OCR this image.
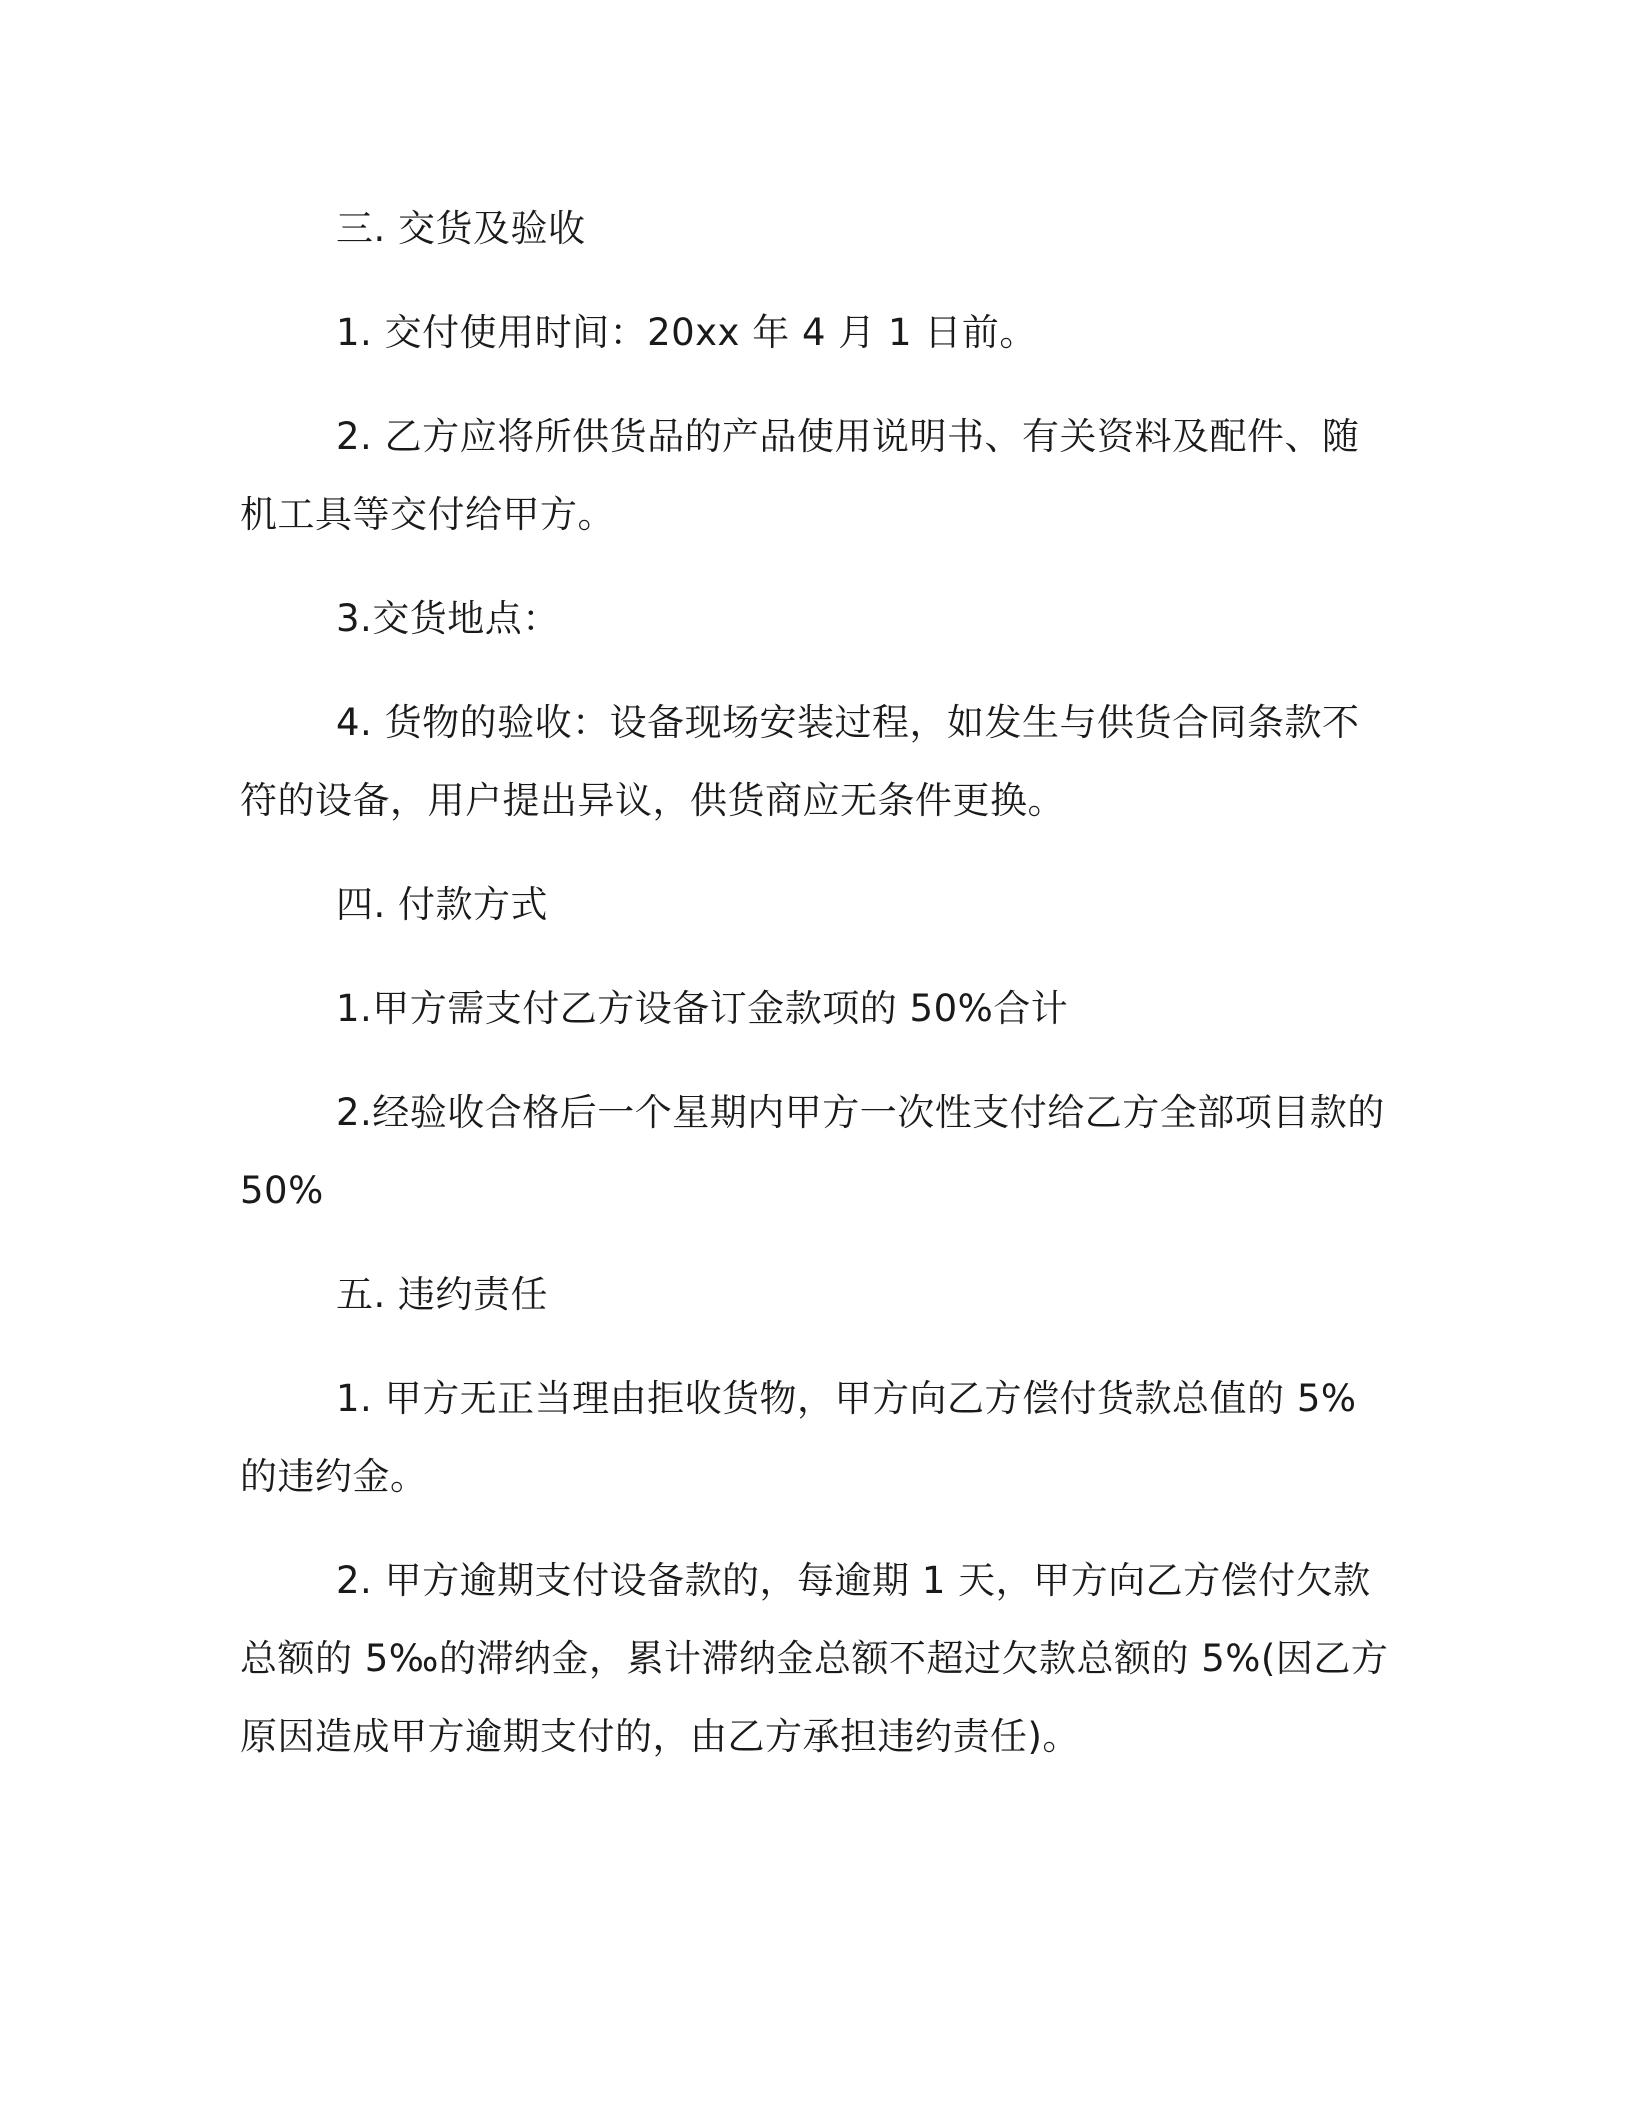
三. 交货及验收

1. 交付使用时间：20xx 年 4 月 1 日前。

2. 乙方应将所供货品的产品使用说明书、有关资料及配件、随机工具等交付给甲方。

3.交货地点：

4. 货物的验收：设备现场安装过程，如发生与供货合同条款不符的设备，用户提出异议，供货商应无条件更换。

四. 付款方式

1.甲方需支付乙方设备订金款项的 50%合计

2.经验收合格后一个星期内甲方一次性支付给乙方全部项目款的 50%

五. 违约责任

1. 甲方无正当理由拒收货物，甲方向乙方偿付货款总值的 5%的违约金。

2. 甲方逾期支付设备款的，每逾期 1 天，甲方向乙方偿付欠款总额的 5‰的滞纳金，累计滞纳金总额不超过欠款总额的 5%(因乙方原因造成甲方逾期支付的，由乙方承担违约责任)。
